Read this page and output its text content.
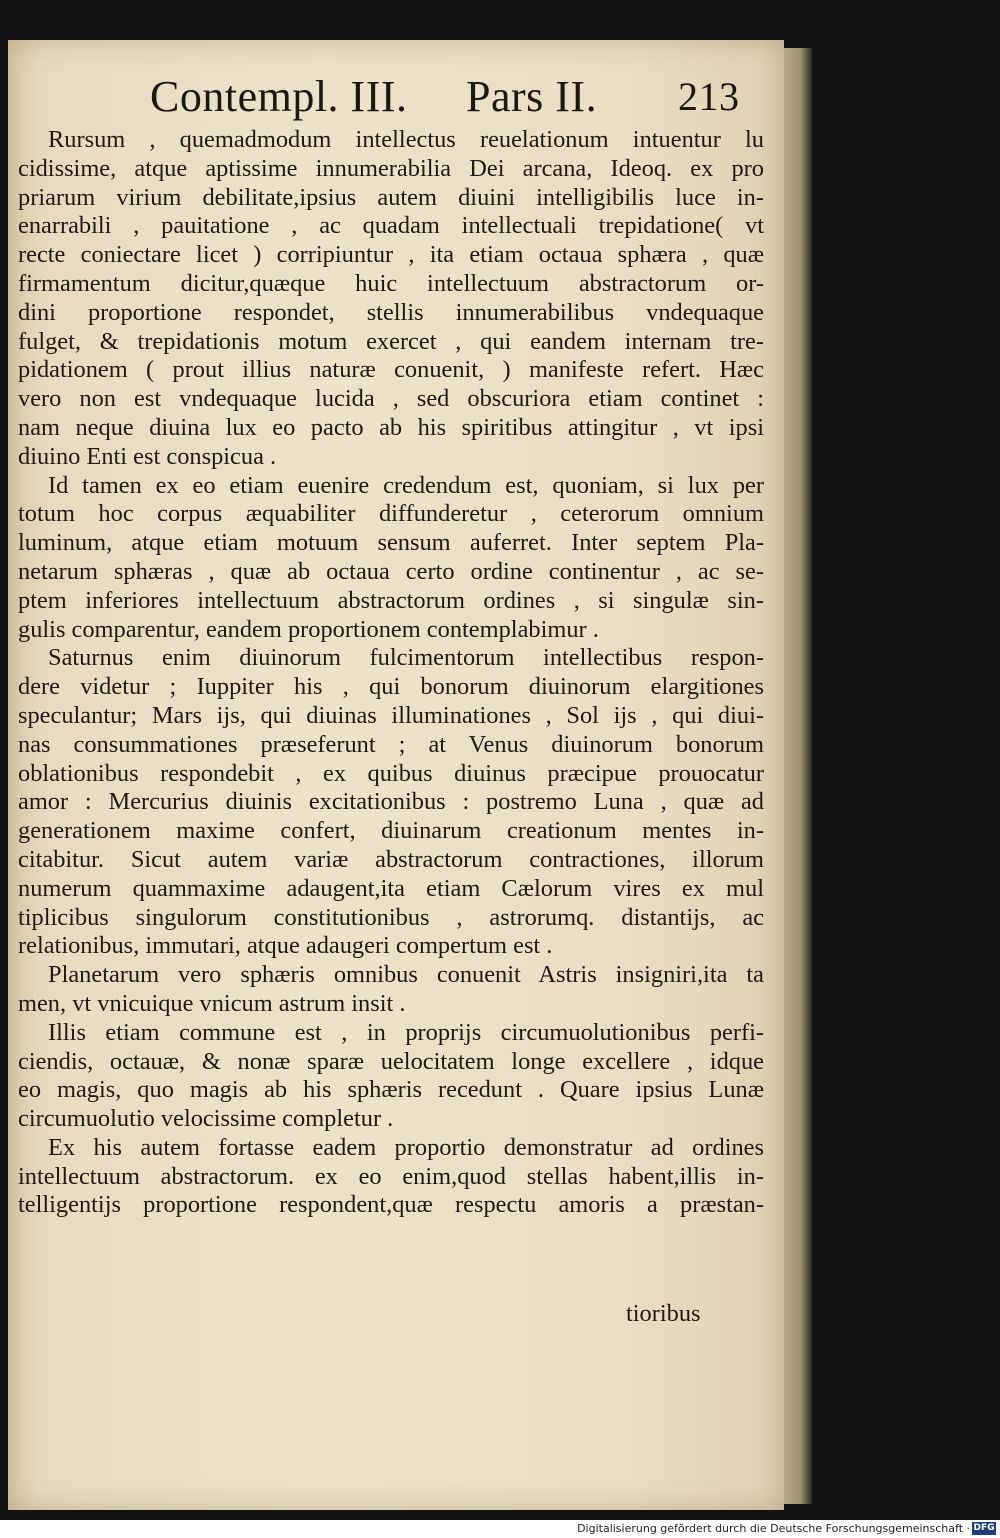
Contempl. III. Pars II. 213
Rursum , quemadmodum intellectus reuelationum intuentur lu
cidissime, atque aptissime innumerabilia Dei arcana, Ideoq. ex pro
priarum virium debilitate,ipsius autem diuini intelligibilis luce in-
enarrabili , pauitatione , ac quadam intellectuali trepidatione( vt
recte coniectare licet ) corripiuntur , ita etiam octaua sphæra , quæ
firmamentum dicitur,quæque huic intellectuum abstractorum or-
dini proportione respondet, stellis innumerabilibus vndequaque
fulget, & trepidationis motum exercet , qui eandem internam tre-
pidationem ( prout illius naturæ conuenit, ) manifeste refert. Hæc
vero non est vndequaque lucida , sed obscuriora etiam continet :
nam neque diuina lux eo pacto ab his spiritibus attingitur , vt ipsi
diuino Enti est conspicua .
Id tamen ex eo etiam euenire credendum est, quoniam, si lux per
totum hoc corpus æquabiliter diffunderetur , ceterorum omnium
luminum, atque etiam motuum sensum auferret. Inter septem Pla-
netarum sphæras , quæ ab octaua certo ordine continentur , ac se-
ptem inferiores intellectuum abstractorum ordines , si singulæ sin-
gulis comparentur, eandem proportionem contemplabimur .
Saturnus enim diuinorum fulcimentorum intellectibus respon-
dere videtur ; Iuppiter his , qui bonorum diuinorum elargitiones
speculantur; Mars ijs, qui diuinas illuminationes , Sol ijs , qui diui-
nas consummationes præseferunt ; at Venus diuinorum bonorum
oblationibus respondebit , ex quibus diuinus præcipue prouocatur
amor : Mercurius diuinis excitationibus : postremo Luna , quæ ad
generationem maxime confert, diuinarum creationum mentes in-
citabitur. Sicut autem variæ abstractorum contractiones, illorum
numerum quammaxime adaugent,ita etiam Cælorum vires ex mul
tiplicibus singulorum constitutionibus , astrorumq. distantijs, ac
relationibus, immutari, atque adaugeri compertum est .
Planetarum vero sphæris omnibus conuenit Astris insigniri,ita ta
men, vt vnicuique vnicum astrum insit .
Illis etiam commune est , in proprijs circumuolutionibus perfi-
ciendis, octauæ, & nonæ sparæ uelocitatem longe excellere , idque
eo magis, quo magis ab his sphæris recedunt . Quare ipsius Lunæ
circumuolutio velocissime completur .
Ex his autem fortasse eadem proportio demonstratur ad ordines
intellectuum abstractorum. ex eo enim,quod stellas habent,illis in-
telligentijs proportione respondent,quæ respectu amoris a præstan-
tioribus
Digitalisierung gefördert durch die Deutsche Forschungsgemeinschaft · DFG
